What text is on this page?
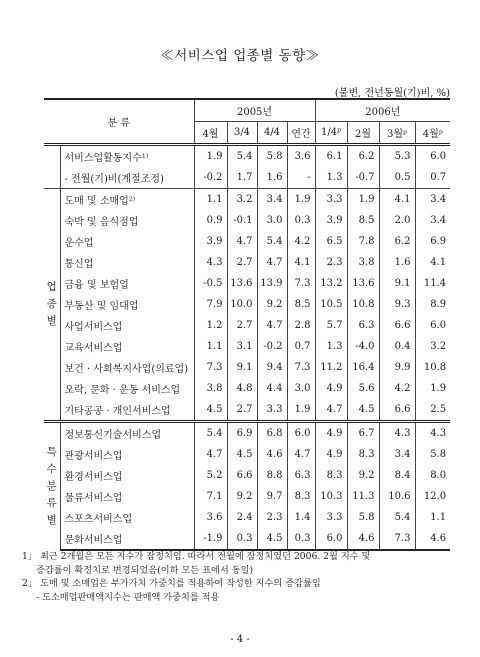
≪서비스업 업종별 동향≫
(불변, 전년동월(기)비, %)
분 류		2005년				2006년			
		4월	3/4	4/4	연간	1/4ᵖ	2월	3월ᵖ	4월ᵖ
	서비스업활동지수¹⁾	1.9	5.4	5.8	3.6	6.1	6.2	5.3	6.0
	- 전월(기)비(계절조정)	-0.2	1.7	1.6	-	1.3	-0.7	0.5	0.7
업 종 별	도매 및 소매업²⁾	1.1	3.2	3.4	1.9	3.3	1.9	4.1	3.4
	숙박 및 음식점업	0.9	-0.1	3.0	0.3	3.9	8.5	2.0	3.4
	운수업	3.9	4.7	5.4	4.2	6.5	7.8	6.2	6.9
	통신업	4.3	2.7	4.7	4.1	2.3	3.8	1.6	4.1
	금융 및 보험업	-0.5	13.6	13.9	7.3	13.2	13.6	9.1	11.4
	부동산 및 임대업	7.9	10.0	9.2	8.5	10.5	10.8	9.3	8.9
	사업서비스업	1.2	2.7	4.7	2.8	5.7	6.3	6.6	6.0
	교육서비스업	1.1	3.1	-0.2	0.7	1.3	-4.0	0.4	3.2
	보건 · 사회복지사업(의료업)	7.3	9.1	9.4	7.3	11.2	16.4	9.9	10.8
	오락, 문화 · 운동 서비스업	3.8	4.8	4.4	3.0	4.9	5.6	4.2	1.9
	기타공공 · 개인서비스업	4.5	2.7	3.3	1.9	4.7	4.5	6.6	2.5
특 수 분 류 별	정보통신기술서비스업	5.4	6.9	6.8	6.0	4.9	6.7	4.3	4.3
	관광서비스업	4.7	4.5	4.6	4.7	4.9	8.3	3.4	5.8
	환경서비스업	5.2	6.6	8.8	6.3	8.3	9.2	8.4	8.0
	물류서비스업	7.1	9.2	9.7	8.3	10.3	11.3	10.6	12.0
	스포츠서비스업	3.6	2.4	2.3	1.4	3.3	5.8	5.4	1.1
	문화서비스업	-1.9	0.3	4.5	0.3	6.0	4.6	7.3	4.6
1」 최근 2개월은 모든 지수가 잠정치임. 따라서 전월에 잠정치였던 2006. 2월 지수 및
증감률이 확정치로 변경되었음(이하 모든 표에서 동일)
2」 도매 및 소매업은 부가가치 가중치를 적용하여 작성한 지수의 증감률임
- 도소매업판매액지수는 판매액 가중치를 적용
- 4 -
